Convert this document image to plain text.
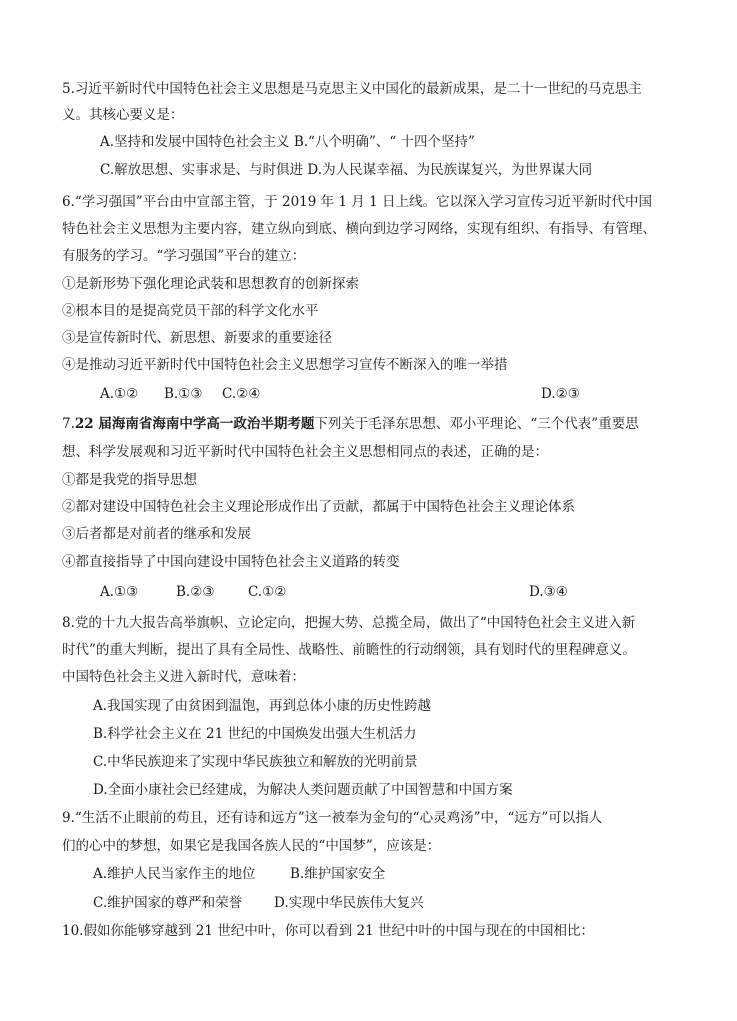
5.习近平新时代中国特色社会主义思想是马克思主义中国化的最新成果，是二十一世纪的马克思主
义。其核心要义是：
A.坚持和发展中国特色社会主义 B.“八个明确”、“ 十四个坚持”
C.解放思想、实事求是、与时俱进 D.为人民谋幸福、为民族谋复兴，为世界谋大同
6.“学习强国”平台由中宣部主管，于 2019 年 1 月 1 日上线。它以深入学习宣传习近平新时代中国
特色社会主义思想为主要内容，建立纵向到底、横向到边学习网络，实现有组织、有指导、有管理、
有服务的学习。“学习强国”平台的建立：
①是新形势下强化理论武装和思想教育的创新探索
②根本目的是提高党员干部的科学文化水平
③是宣传新时代、新思想、新要求的重要途径
④是推动习近平新时代中国特色社会主义思想学习宣传不断深入的唯一举措
A.①② B.①③ C.②④	D.②③
7.22 届海南省海南中学高一政治半期考题下列关于毛泽东思想、邓小平理论、“三个代表”重要思
想、科学发展观和习近平新时代中国特色社会主义思想相同点的表述，正确的是：
①都是我党的指导思想
②都对建设中国特色社会主义理论形成作出了贡献，都属于中国特色社会主义理论体系
③后者都是对前者的继承和发展
④都直接指导了中国向建设中国特色社会主义道路的转变
A.①③	B.②③ C.①②	D.③④
8.党的十九大报告高举旗帜、立论定向，把握大势、总揽全局，做出了“中国特色社会主义进入新
时代”的重大判断，提出了具有全局性、战略性、前瞻性的行动纲领，具有划时代的里程碑意义。
中国特色社会主义进入新时代，意味着：
A.我国实现了由贫困到温饱，再到总体小康的历史性跨越
B.科学社会主义在 21 世纪的中国焕发出强大生机活力
C.中华民族迎来了实现中华民族独立和解放的光明前景
D.全面小康社会已经建成，为解决人类问题贡献了中国智慧和中国方案
9.“生活不止眼前的苟且，还有诗和远方”这一被奉为金句的“心灵鸡汤”中，“远方”可以指人
们的心中的梦想，如果它是我国各族人民的“中国梦”，应该是：
A.维护人民当家作主的地位	B.维护国家安全
C.维护国家的尊严和荣誉 D.实现中华民族伟大复兴
10.假如你能够穿越到 21 世纪中叶，你可以看到 21 世纪中叶的中国与现在的中国相比：
